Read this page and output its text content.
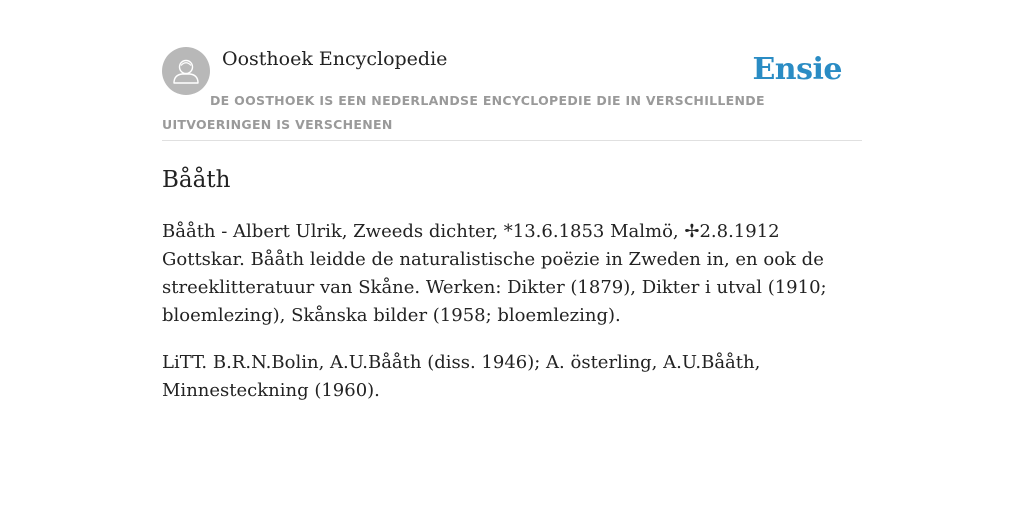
Oosthoek Encyclopedie	Ensie
DE OOSTHOEK IS EEN NEDERLANDSE ENCYCLOPEDIE DIE IN VERSCHILLENDE UITVOERINGEN IS VERSCHENEN
Bååth

Bååth - Albert Ulrik, Zweeds dichter, *13.6.1853 Malmö, ✢2.8.1912 Gottskar. Bååth leidde de naturalistische poëzie in Zweden in, en ook de streeklitteratuur van Skåne. Werken: Dikter (1879), Dikter i utval (1910; bloemlezing), Skånska bilder (1958; bloemlezing).

LiTT. B.R.N.Bolin, A.U.Bååth (diss. 1946); A. österling, A.U.Bååth, Minnesteckning (1960).
